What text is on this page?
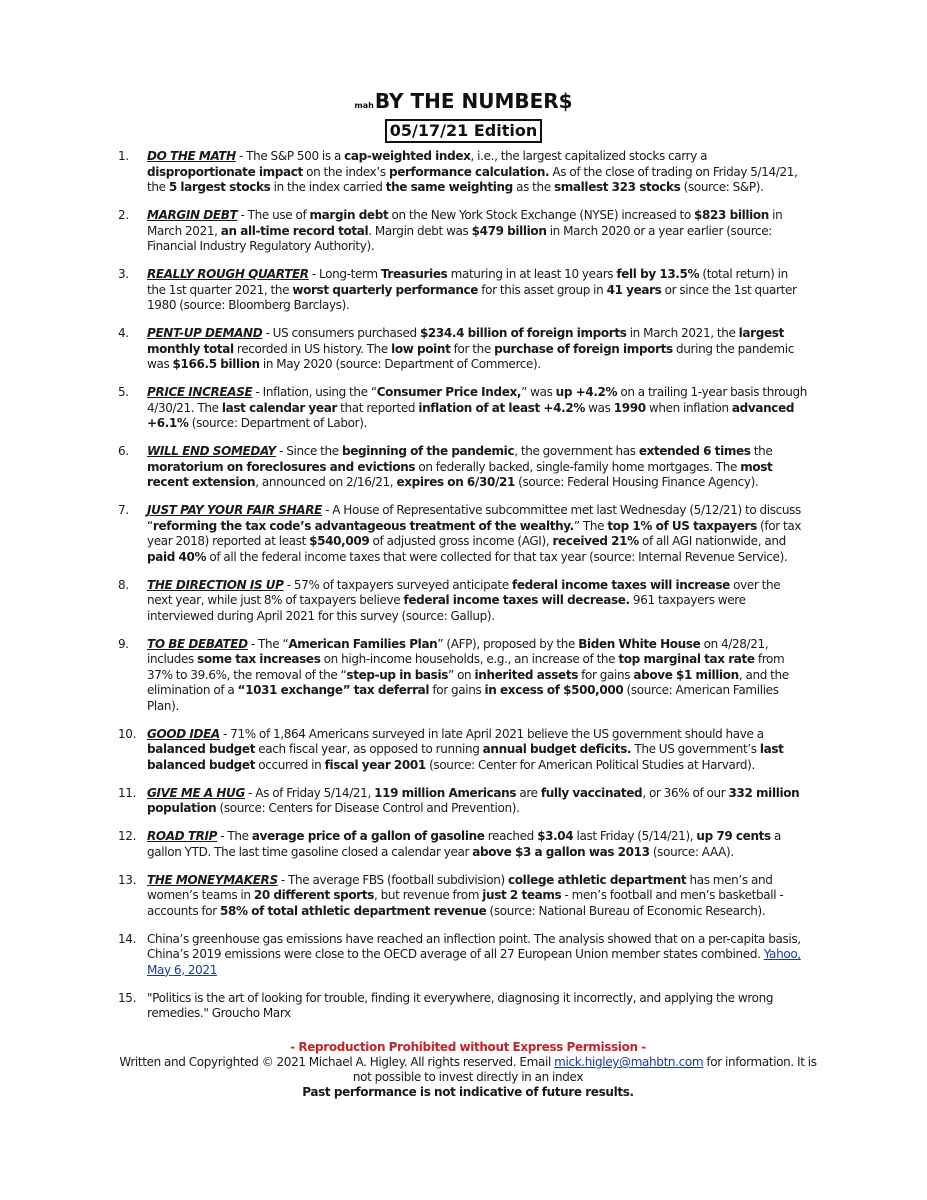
mahBY THE NUMBER$
05/17/21 Edition
1.	DO THE MATH - The S&P 500 is a cap-weighted index, i.e., the largest capitalized stocks carry a disproportionate impact on the index’s performance calculation. As of the close of trading on Friday 5/14/21, the 5 largest stocks in the index carried the same weighting as the smallest 323 stocks (source: S&P).
2.	MARGIN DEBT - The use of margin debt on the New York Stock Exchange (NYSE) increased to $823 billion in March 2021, an all-time record total. Margin debt was $479 billion in March 2020 or a year earlier (source: Financial Industry Regulatory Authority).
3.	REALLY ROUGH QUARTER - Long-term Treasuries maturing in at least 10 years fell by 13.5% (total return) in the 1st quarter 2021, the worst quarterly performance for this asset group in 41 years or since the 1st quarter 1980 (source: Bloomberg Barclays).
4.	PENT-UP DEMAND - US consumers purchased $234.4 billion of foreign imports in March 2021, the largest monthly total recorded in US history. The low point for the purchase of foreign imports during the pandemic was $166.5 billion in May 2020 (source: Department of Commerce).
5.	PRICE INCREASE - Inflation, using the “Consumer Price Index,” was up +4.2% on a trailing 1-year basis through 4/30/21. The last calendar year that reported inflation of at least +4.2% was 1990 when inflation advanced +6.1% (source: Department of Labor).
6.	WILL END SOMEDAY - Since the beginning of the pandemic, the government has extended 6 times the moratorium on foreclosures and evictions on federally backed, single-family home mortgages. The most recent extension, announced on 2/16/21, expires on 6/30/21 (source: Federal Housing Finance Agency).
7.	JUST PAY YOUR FAIR SHARE - A House of Representative subcommittee met last Wednesday (5/12/21) to discuss “reforming the tax code’s advantageous treatment of the wealthy.” The top 1% of US taxpayers (for tax year 2018) reported at least $540,009 of adjusted gross income (AGI), received 21% of all AGI nationwide, and paid 40% of all the federal income taxes that were collected for that tax year (source: Internal Revenue Service).
8.	THE DIRECTION IS UP - 57% of taxpayers surveyed anticipate federal income taxes will increase over the next year, while just 8% of taxpayers believe federal income taxes will decrease. 961 taxpayers were interviewed during April 2021 for this survey (source: Gallup).
9.	TO BE DEBATED - The “American Families Plan” (AFP), proposed by the Biden White House on 4/28/21, includes some tax increases on high-income households, e.g., an increase of the top marginal tax rate from 37% to 39.6%, the removal of the “step-up in basis” on inherited assets for gains above $1 million, and the elimination of a “1031 exchange” tax deferral for gains in excess of $500,000 (source: American Families Plan).
10. GOOD IDEA - 71% of 1,864 Americans surveyed in late April 2021 believe the US government should have a balanced budget each fiscal year, as opposed to running annual budget deficits. The US government’s last balanced budget occurred in fiscal year 2001 (source: Center for American Political Studies at Harvard).
11. GIVE ME A HUG - As of Friday 5/14/21, 119 million Americans are fully vaccinated, or 36% of our 332 million population (source: Centers for Disease Control and Prevention).
12. ROAD TRIP - The average price of a gallon of gasoline reached $3.04 last Friday (5/14/21), up 79 cents a gallon YTD. The last time gasoline closed a calendar year above $3 a gallon was 2013 (source: AAA).
13. THE MONEYMAKERS - The average FBS (football subdivision) college athletic department has men’s and women’s teams in 20 different sports, but revenue from just 2 teams - men’s football and men’s basketball - accounts for 58% of total athletic department revenue (source: National Bureau of Economic Research).
14. China’s greenhouse gas emissions have reached an inflection point. The analysis showed that on a per-capita basis, China’s 2019 emissions were close to the OECD average of all 27 European Union member states combined. Yahoo, May 6, 2021
15. "Politics is the art of looking for trouble, finding it everywhere, diagnosing it incorrectly, and applying the wrong remedies." Groucho Marx
- Reproduction Prohibited without Express Permission -
Written and Copyrighted © 2021 Michael A. Higley. All rights reserved. Email mick.higley@mahbtn.com for information. It is not possible to invest directly in an index
Past performance is not indicative of future results.
